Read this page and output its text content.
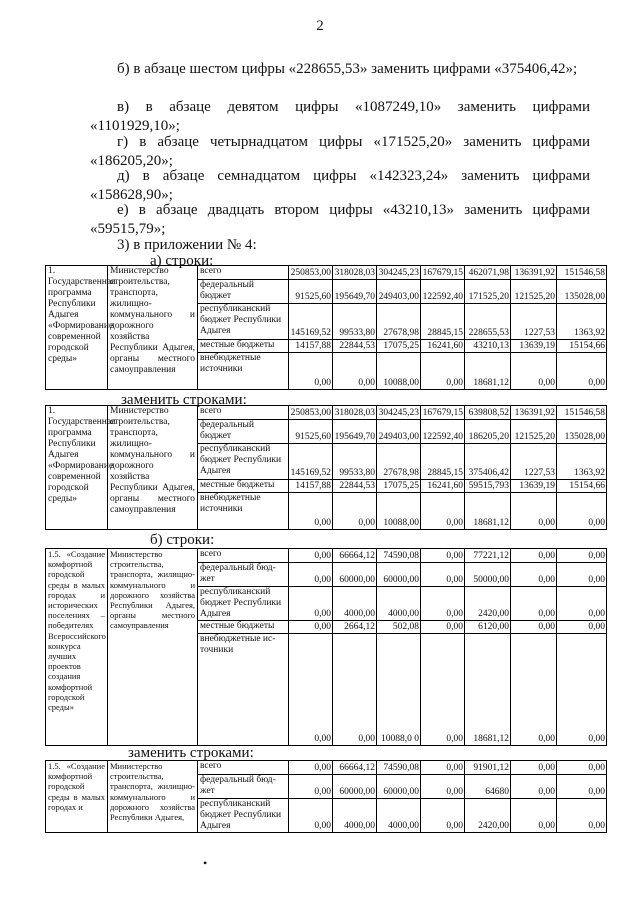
2
б) в абзаце шестом цифры «228655,53» заменить цифрами «375406,42»;
в) в абзаце девятом цифры «1087249,10» заменить цифрами «1101929,10»;
г) в абзаце четырнадцатом цифры «171525,20» заменить цифрами «186205,20»;
д) в абзаце семнадцатом цифры «142323,24» заменить цифрами «158628,90»;
е) в абзаце двадцать втором цифры «43210,13» заменить цифрами «59515,79»;
3) в приложении № 4:
а) строки:
1. Государственная программа Республики Адыгея «Формирование современной городской среды»	Министерство строительства, транспорта, жилищно-коммунального и дорожного хозяйства Республики Адыгея, органы местного самоуправления	всего	250853,00	318028,03	304245,23	167679,15	462071,98	136391,92	151546,58
		федеральный бюджет	91525,60	195649,70	249403,00	122592,40	171525,20	121525,20	135028,00
		республиканский бюджет Республики Адыгея	145169,52	99533,80	27678,98	28845,15	228655,53	1227,53	1363,92
		местные бюджеты	14157,88	22844,53	17075,25	16241,60	43210,13	13639,19	15154,66
		внебюджетные источники	0,00	0,00	10088,00	0,00	18681,12	0,00	0,00
заменить строками:
1. Государственная программа Республики Адыгея «Формирование современной городской среды»	Министерство строительства, транспорта, жилищно-коммунального и дорожного хозяйства Республики Адыгея, органы местного самоуправления	всего	250853,00	318028,03	304245,23	167679,15	639808,52	136391,92	151546,58
		федеральный бюджет	91525,60	195649,70	249403,00	122592,40	186205,20	121525,20	135028,00
		республиканский бюджет Республики Адыгея	145169,52	99533,80	27678,98	28845,15	375406,42	1227,53	1363,92
		местные бюджеты	14157,88	22844,53	17075,25	16241,60	59515,793	13639,19	15154,66
		внебюджетные источники	0,00	0,00	10088,00	0,00	18681,12	0,00	0,00
б) строки:
1.5. «Создание комфортной городской среды в малых городах и исторических поселениях – победителях Всероссийского конкурса лучших проектов создания комфортной городской среды»	Министерство строительства, транспорта, жилищно-коммунального и дорожного хозяйства Республики Адыгея, органы местного самоуправления	всего	0,00	66664,12	74590,08	0,00	77221,12	0,00	0,00
		федеральный бюд-жет	0,00	60000,00	60000,00	0,00	50000,00	0,00	0,00
		республиканский бюджет Республики Адыгея	0,00	4000,00	4000,00	0,00	2420,00	0,00	0,00
		местные бюджеты	0,00	2664,12	502,08	0,00	6120,00	0,00	0,00
		внебюджетные ис-точники	0,00	0,00	10088,0 0	0,00	18681,12	0,00	0,00
заменить строками:
1.5. «Создание комфортной городской среды в малых городах и	Министерство строительства, транспорта, жилищно-коммунального и дорожного хозяйства Республики Адыгея,	всего	0,00	66664,12	74590,08	0,00	91901,12	0,00	0,00
		федеральный бюд-жет	0,00	60000,00	60000,00	0,00	64680	0,00	0,00
		республиканский бюджет Республики Адыгея	0,00	4000,00	4000,00	0,00	2420,00	0,00	0,00
•
